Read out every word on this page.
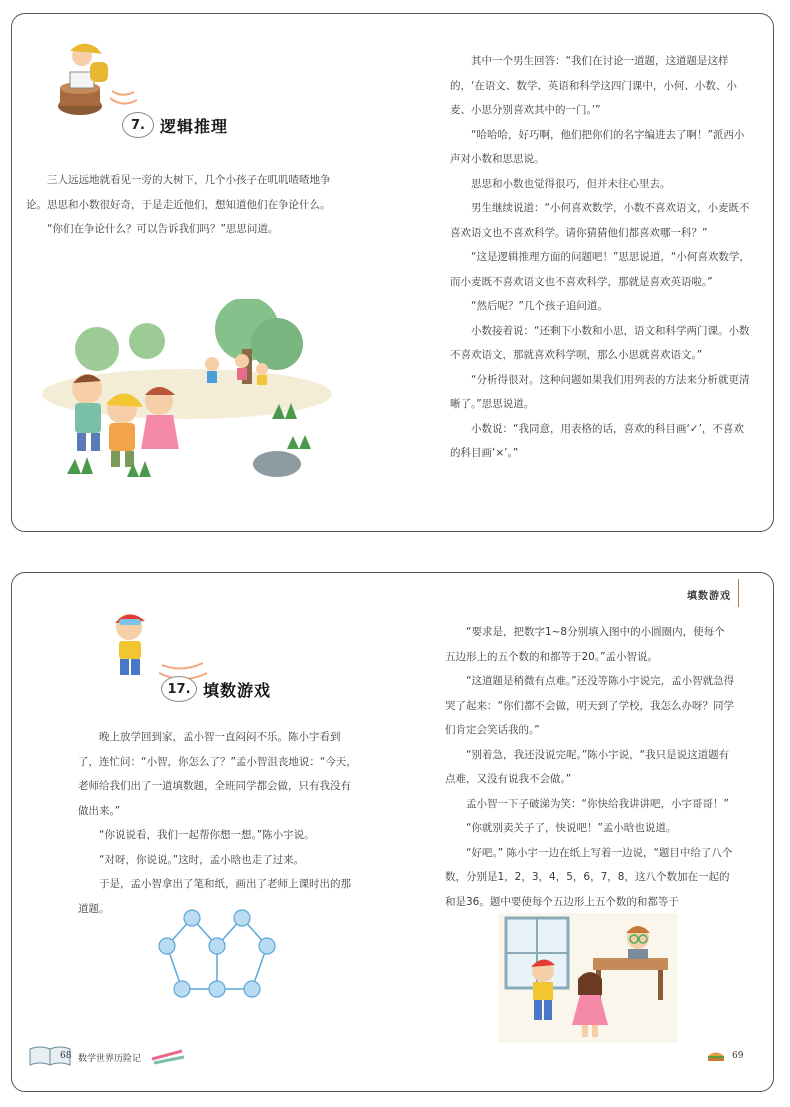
7. 逻辑推理

三人远远地就看见一旁的大树下，几个小孩子在叽叽喳喳地争论。思思和小数很好奇，于是走近他们，想知道他们在争论什么。

“你们在争论什么？可以告诉我们吗？”思思问道。

其中一个男生回答：“我们在讨论一道题，这道题是这样的，‘在语文、数学、英语和科学这四门课中，小何、小数、小麦、小思分别喜欢其中的一门。’”

“哈哈哈，好巧啊，他们把你们的名字编进去了啊！”派西小声对小数和思思说。

思思和小数也觉得很巧，但并未往心里去。

男生继续说道：“小何喜欢数学，小数不喜欢语文，小麦既不喜欢语文也不喜欢科学。请你猜猜他们都喜欢哪一科？”

“这是逻辑推理方面的问题吧！”思思说道，“小何喜欢数学，而小麦既不喜欢语文也不喜欢科学，那就是喜欢英语啦。”

“然后呢？”几个孩子追问道。

小数接着说：“还剩下小数和小思，语文和科学两门课。小数不喜欢语文，那就喜欢科学呗，那么小思就喜欢语文。”

“分析得很对。这种问题如果我们用列表的方法来分析就更清晰了。”思思说道。

小数说：“我同意，用表格的话，喜欢的科目画‘✓’，不喜欢的科目画‘×’。”

填数游戏
17. 填数游戏

晚上放学回到家，孟小智一直闷闷不乐。陈小宇看到了，连忙问：“小智，你怎么了？”孟小智沮丧地说：“今天，老师给我们出了一道填数题，全班同学都会做，只有我没有做出来。”

“你说说看，我们一起帮你想一想。”陈小宇说。

“对呀，你说说。”这时，孟小晗也走了过来。

于是，孟小智拿出了笔和纸，画出了老师上课时出的那道题。

“要求是，把数字1~8分别填入图中的小圆圈内，使每个五边形上的五个数的和都等于20。”孟小智说。

“这道题是稍微有点难。”还没等陈小宇说完，孟小智就急得哭了起来：“你们都不会做，明天到了学校，我怎么办呀？同学们肯定会笑话我的。”

“别着急，我还没说完呢。”陈小宇说，“我只是说这道题有点难，又没有说我不会做。”

孟小智一下子破涕为笑：“你快给我讲讲吧，小宇哥哥！”

“你就别卖关子了，快说吧！”孟小晗也说道。

“好吧。” 陈小宇一边在纸上写着一边说，“题目中给了八个数，分别是1，2，3，4，5，6，7，8，这八个数加在一起的和是36。题中要使每个五边形上五个数的和都等于

68 数学世界历险记	69
